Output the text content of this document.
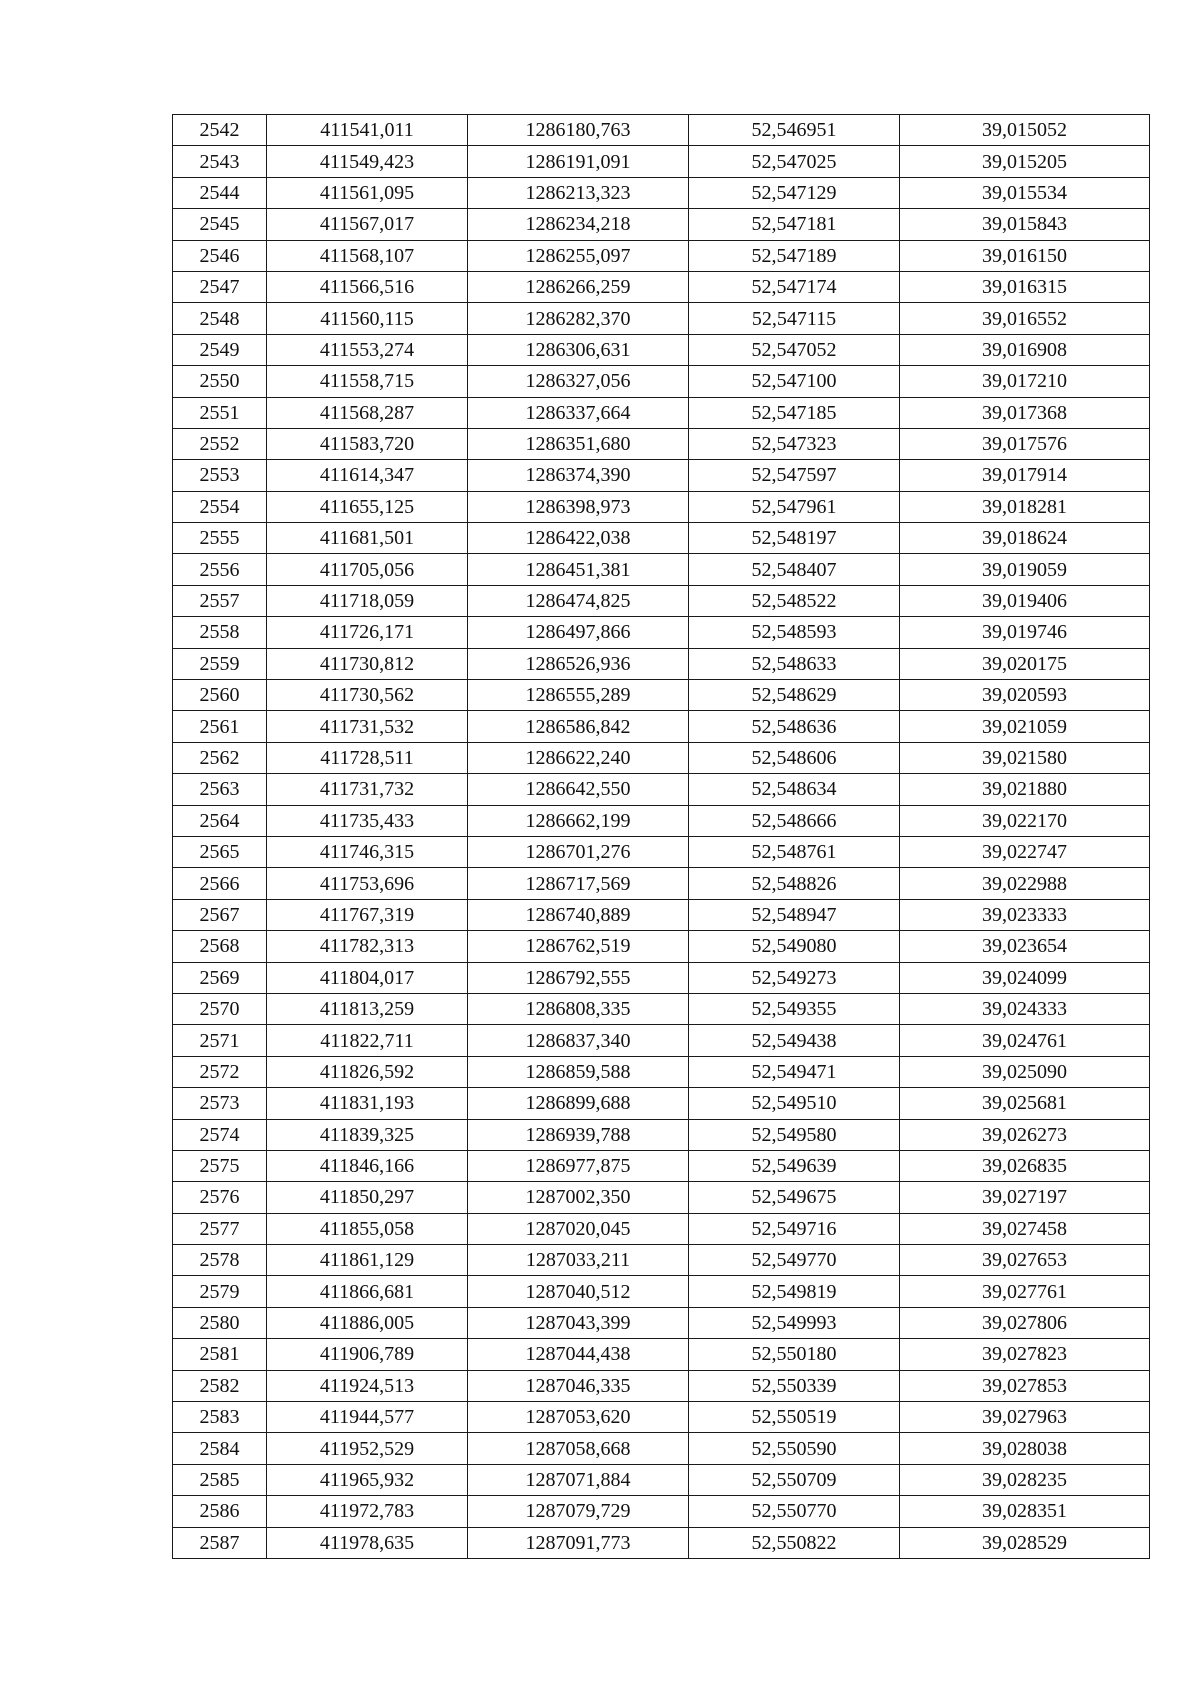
2542	411541,011	1286180,763	52,546951	39,015052
2543	411549,423	1286191,091	52,547025	39,015205
2544	411561,095	1286213,323	52,547129	39,015534
2545	411567,017	1286234,218	52,547181	39,015843
2546	411568,107	1286255,097	52,547189	39,016150
2547	411566,516	1286266,259	52,547174	39,016315
2548	411560,115	1286282,370	52,547115	39,016552
2549	411553,274	1286306,631	52,547052	39,016908
2550	411558,715	1286327,056	52,547100	39,017210
2551	411568,287	1286337,664	52,547185	39,017368
2552	411583,720	1286351,680	52,547323	39,017576
2553	411614,347	1286374,390	52,547597	39,017914
2554	411655,125	1286398,973	52,547961	39,018281
2555	411681,501	1286422,038	52,548197	39,018624
2556	411705,056	1286451,381	52,548407	39,019059
2557	411718,059	1286474,825	52,548522	39,019406
2558	411726,171	1286497,866	52,548593	39,019746
2559	411730,812	1286526,936	52,548633	39,020175
2560	411730,562	1286555,289	52,548629	39,020593
2561	411731,532	1286586,842	52,548636	39,021059
2562	411728,511	1286622,240	52,548606	39,021580
2563	411731,732	1286642,550	52,548634	39,021880
2564	411735,433	1286662,199	52,548666	39,022170
2565	411746,315	1286701,276	52,548761	39,022747
2566	411753,696	1286717,569	52,548826	39,022988
2567	411767,319	1286740,889	52,548947	39,023333
2568	411782,313	1286762,519	52,549080	39,023654
2569	411804,017	1286792,555	52,549273	39,024099
2570	411813,259	1286808,335	52,549355	39,024333
2571	411822,711	1286837,340	52,549438	39,024761
2572	411826,592	1286859,588	52,549471	39,025090
2573	411831,193	1286899,688	52,549510	39,025681
2574	411839,325	1286939,788	52,549580	39,026273
2575	411846,166	1286977,875	52,549639	39,026835
2576	411850,297	1287002,350	52,549675	39,027197
2577	411855,058	1287020,045	52,549716	39,027458
2578	411861,129	1287033,211	52,549770	39,027653
2579	411866,681	1287040,512	52,549819	39,027761
2580	411886,005	1287043,399	52,549993	39,027806
2581	411906,789	1287044,438	52,550180	39,027823
2582	411924,513	1287046,335	52,550339	39,027853
2583	411944,577	1287053,620	52,550519	39,027963
2584	411952,529	1287058,668	52,550590	39,028038
2585	411965,932	1287071,884	52,550709	39,028235
2586	411972,783	1287079,729	52,550770	39,028351
2587	411978,635	1287091,773	52,550822	39,028529
